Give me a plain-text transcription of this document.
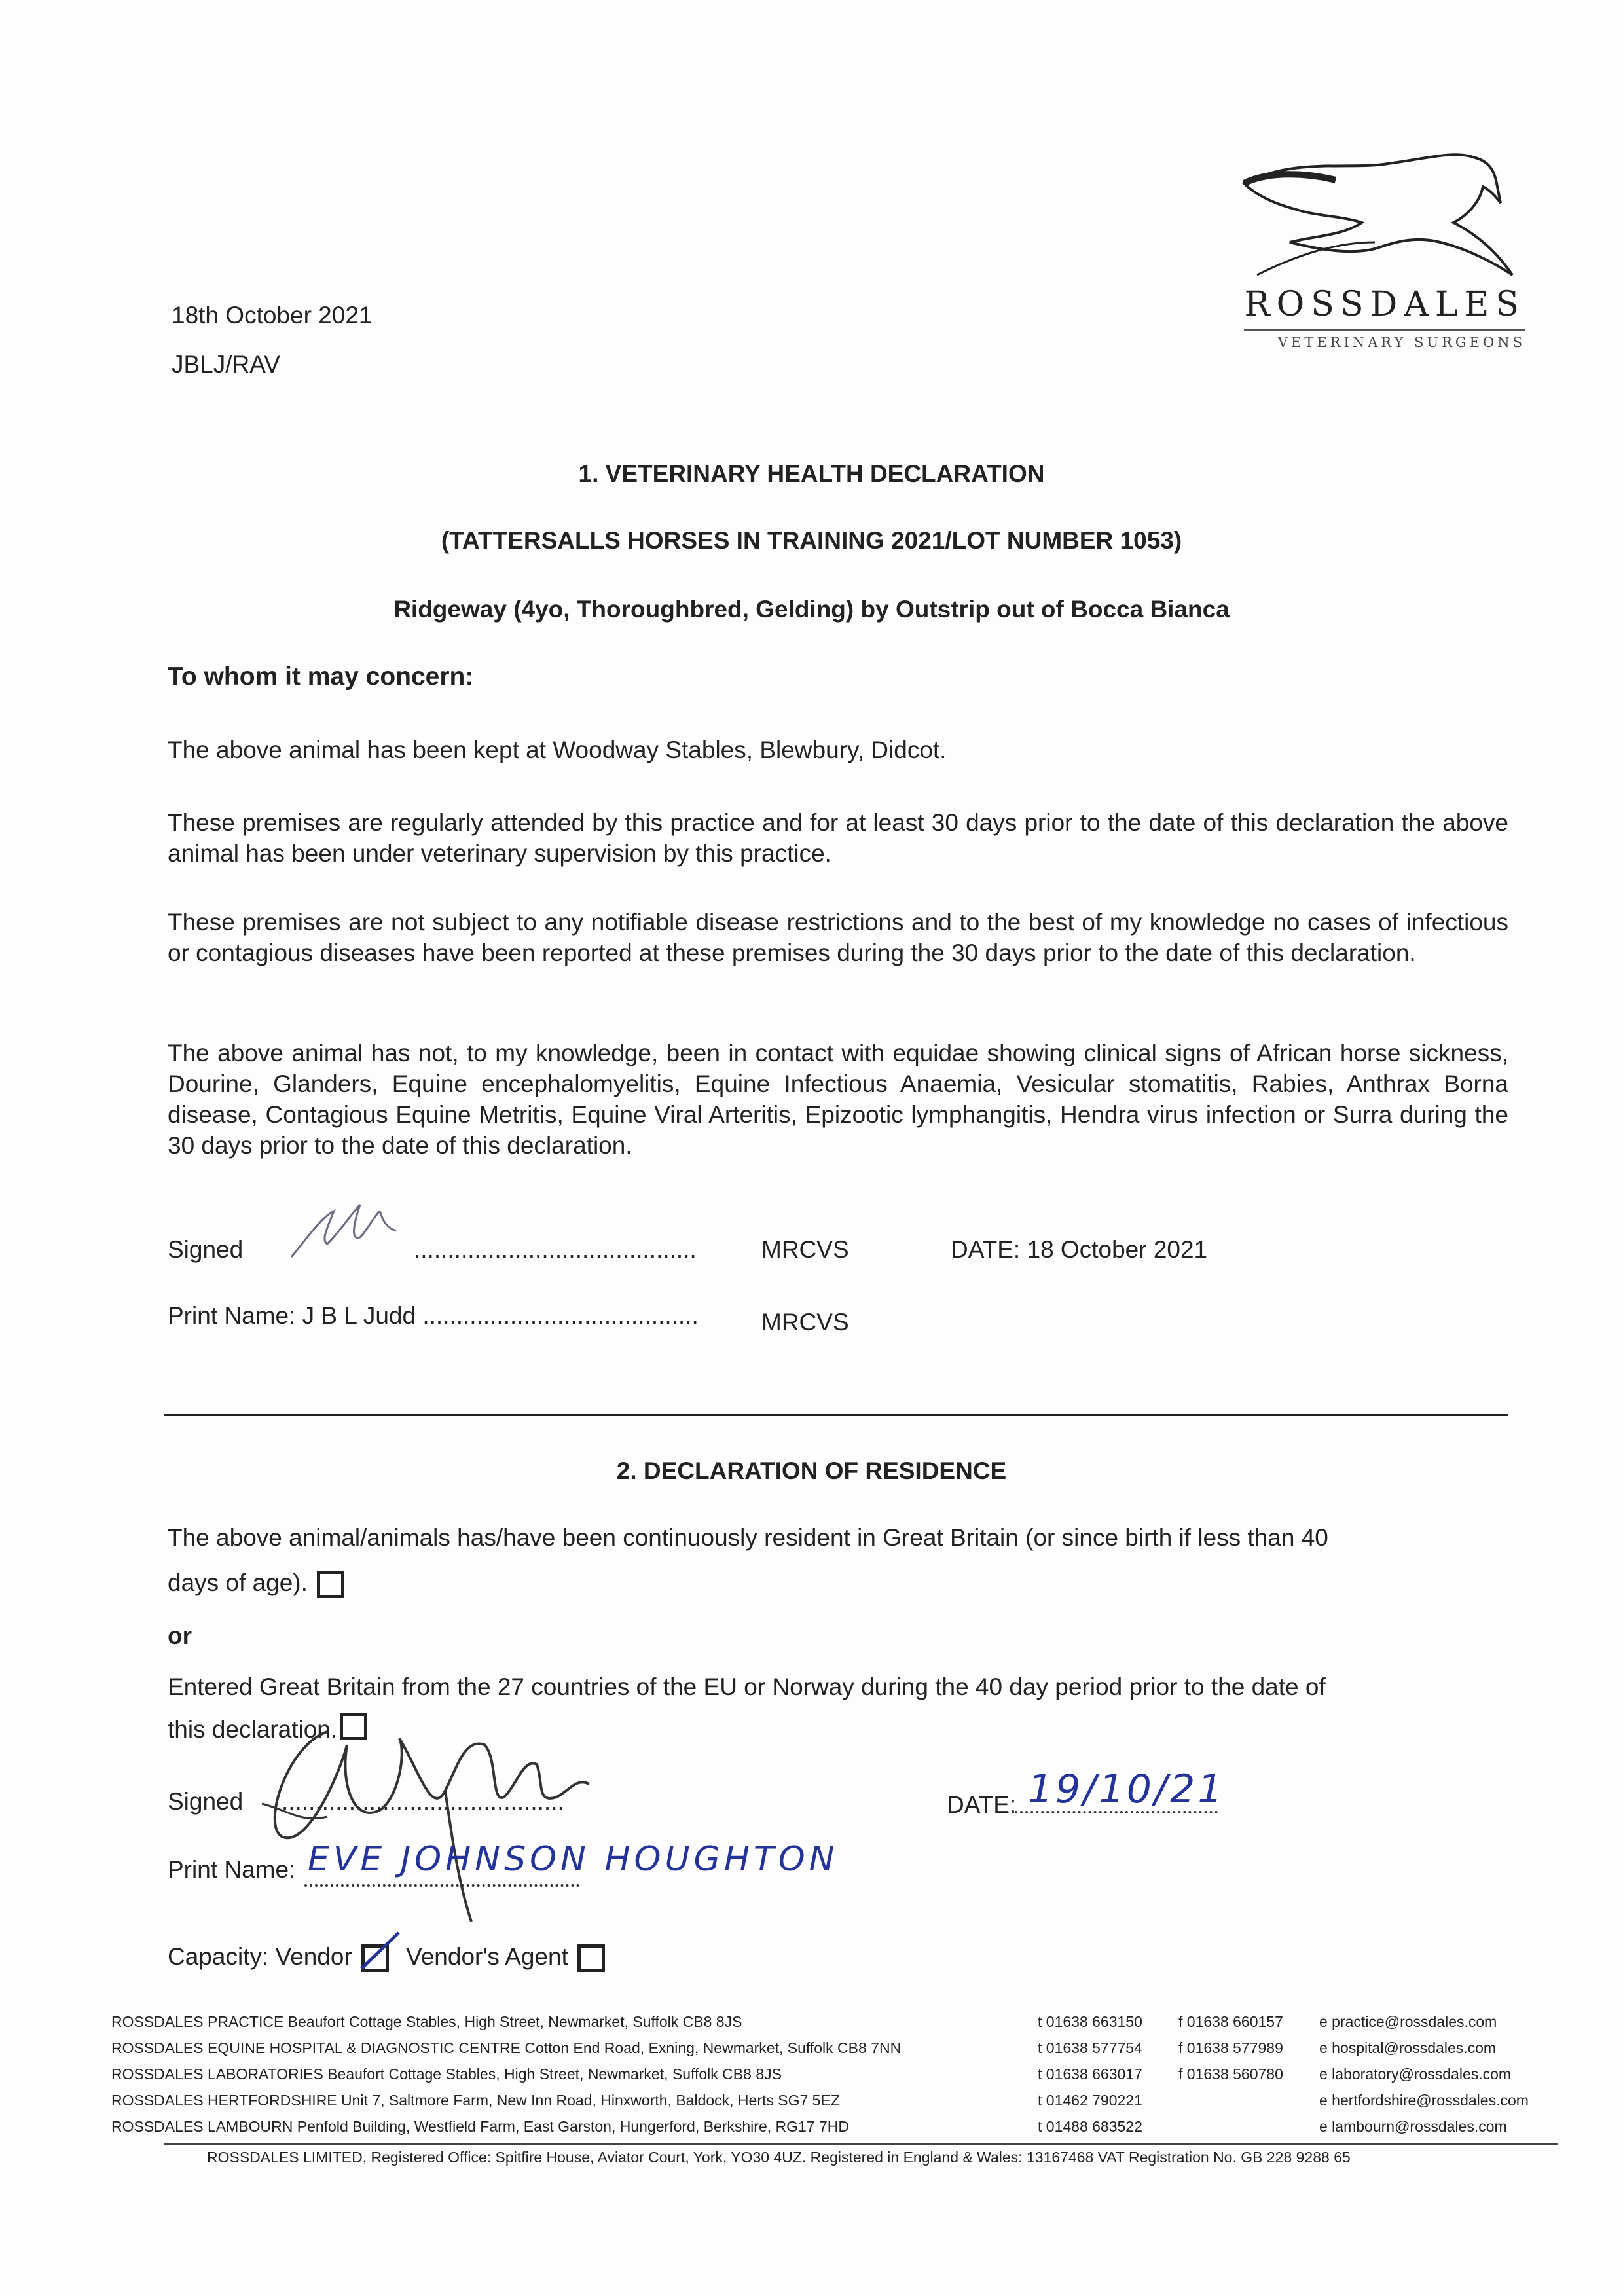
ROSSDALES
VETERINARY SURGEONS
18th October 2021
JBLJ/RAV
1. VETERINARY HEALTH DECLARATION
(TATTERSALLS HORSES IN TRAINING 2021/LOT NUMBER 1053)
Ridgeway (4yo, Thoroughbred, Gelding) by Outstrip out of Bocca Bianca
To whom it may concern:
The above animal has been kept at Woodway Stables, Blewbury, Didcot.
These premises are regularly attended by this practice and for at least 30 days prior to the date of this declaration the above animal has been under veterinary supervision by this practice.
These premises are not subject to any notifiable disease restrictions and to the best of my knowledge no cases of infectious or contagious diseases have been reported at these premises during the 30 days prior to the date of this declaration.
The above animal has not, to my knowledge, been in contact with equidae showing clinical signs of African horse sickness, Dourine, Glanders, Equine encephalomyelitis, Equine Infectious Anaemia, Vesicular stomatitis, Rabies, Anthrax Borna disease, Contagious Equine Metritis, Equine Viral Arteritis, Epizootic lymphangitis, Hendra virus infection or Surra during the 30 days prior to the date of this declaration.
Signed	..........................................	MRCVS	DATE: 18 October 2021
Print Name: J B L Judd .........................................	MRCVS
2. DECLARATION OF RESIDENCE
The above animal/animals has/have been continuously resident in Great Britain (or since birth if less than 40
days of age).
or
Entered Great Britain from the 27 countries of the EU or Norway during the 40 day period prior to the date of
this declaration.
Signed ..........................................	DATE: 19/10/21
Print Name: EVE JOHNSON HOUGHTON
Capacity: Vendor Vendor's Agent
ROSSDALES PRACTICE Beaufort Cottage Stables, High Street, Newmarket, Suffolk CB8 8JS	t 01638 663150 f 01638 660157 e practice@rossdales.com
ROSSDALES EQUINE HOSPITAL & DIAGNOSTIC CENTRE Cotton End Road, Exning, Newmarket, Suffolk CB8 7NN	t 01638 577754 f 01638 577989 e hospital@rossdales.com
ROSSDALES LABORATORIES Beaufort Cottage Stables, High Street, Newmarket, Suffolk CB8 8JS	t 01638 663017 f 01638 560780 e laboratory@rossdales.com
ROSSDALES HERTFORDSHIRE Unit 7, Saltmore Farm, New Inn Road, Hinxworth, Baldock, Herts SG7 5EZ	t 01462 790221	e hertfordshire@rossdales.com
ROSSDALES LAMBOURN Penfold Building, Westfield Farm, East Garston, Hungerford, Berkshire, RG17 7HD	t 01488 683522	e lambourn@rossdales.com
ROSSDALES LIMITED, Registered Office: Spitfire House, Aviator Court, York, YO30 4UZ. Registered in England & Wales: 13167468 VAT Registration No. GB 228 9288 65
